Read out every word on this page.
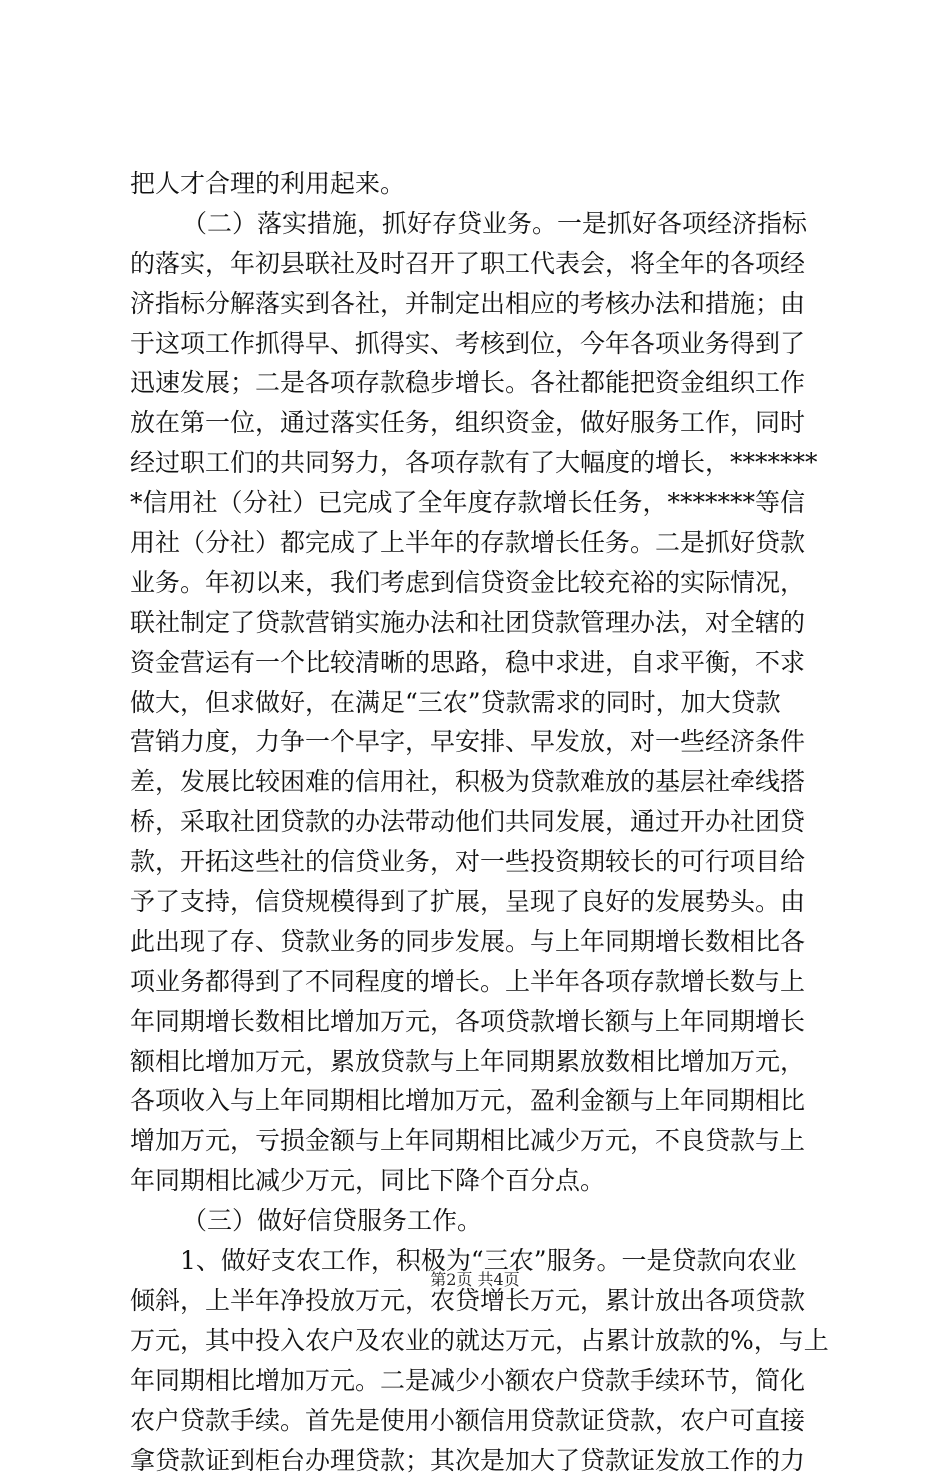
把人才合理的利用起来。
（二）落实措施，抓好存贷业务。一是抓好各项经济指标
的落实，年初县联社及时召开了职工代表会，将全年的各项经
济指标分解落实到各社，并制定出相应的考核办法和措施；由
于这项工作抓得早、抓得实、考核到位，今年各项业务得到了
迅速发展；二是各项存款稳步增长。各社都能把资金组织工作
放在第一位，通过落实任务，组织资金，做好服务工作，同时
经过职工们的共同努力，各项存款有了大幅度的增长，*******
*信用社（分社）已完成了全年度存款增长任务，*******等信
用社（分社）都完成了上半年的存款增长任务。二是抓好贷款
业务。年初以来，我们考虑到信贷资金比较充裕的实际情况，
联社制定了贷款营销实施办法和社团贷款管理办法，对全辖的
资金营运有一个比较清晰的思路，稳中求进，自求平衡，不求
做大，但求做好，在满足“三农”贷款需求的同时，加大贷款
营销力度，力争一个早字，早安排、早发放，对一些经济条件
差，发展比较困难的信用社，积极为贷款难放的基层社牵线搭
桥，采取社团贷款的办法带动他们共同发展，通过开办社团贷
款，开拓这些社的信贷业务，对一些投资期较长的可行项目给
予了支持，信贷规模得到了扩展，呈现了良好的发展势头。由
此出现了存、贷款业务的同步发展。与上年同期增长数相比各
项业务都得到了不同程度的增长。上半年各项存款增长数与上
年同期增长数相比增加万元，各项贷款增长额与上年同期增长
额相比增加万元，累放贷款与上年同期累放数相比增加万元，
各项收入与上年同期相比增加万元，盈利金额与上年同期相比
增加万元，亏损金额与上年同期相比减少万元，不良贷款与上
年同期相比减少万元，同比下降个百分点。
（三）做好信贷服务工作。
1、做好支农工作，积极为“三农”服务。一是贷款向农业
倾斜，上半年净投放万元，农贷增长万元，累计放出各项贷款
万元，其中投入农户及农业的就达万元，占累计放款的%，与上
年同期相比增加万元。二是减少小额农户贷款手续环节，简化
农户贷款手续。首先是使用小额信用贷款证贷款，农户可直接
拿贷款证到柜台办理贷款；其次是加大了贷款证发放工作的力
第2页 共4页
